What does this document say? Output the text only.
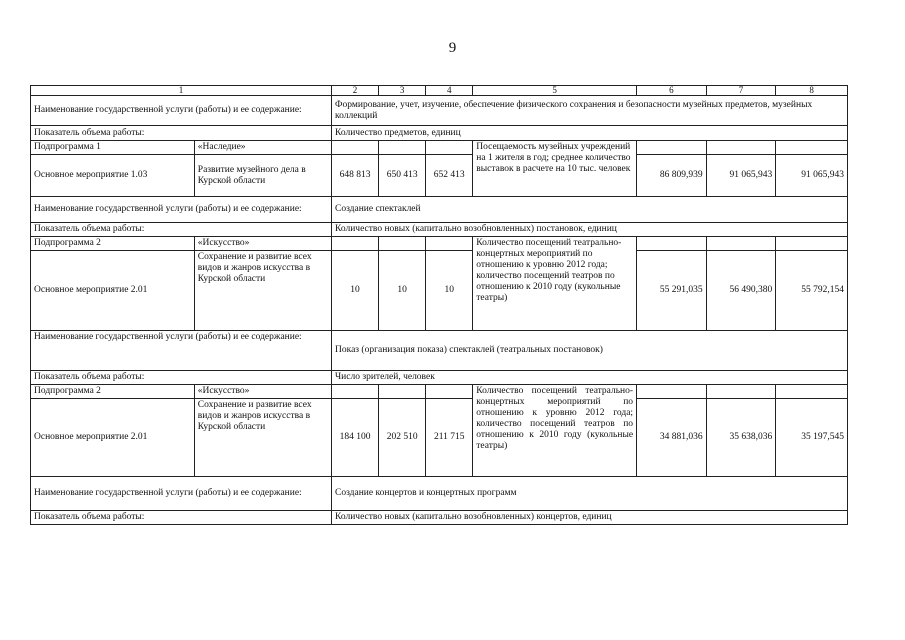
9
1		2	3	4	5	6	7	8
Наименование государственной услуги (работы) и ее содержание:		Формирование, учет, изучение, обеспечение физического сохранения и безопасности музейных предметов, музейных коллекций						
Показатель объема работы:		Количество предметов, единиц						
Подпрограмма 1	«Наследие»				Посещаемость музейных учреждений на 1 жителя в год; среднее количество выставок в расчете на 10 тыс. человек			
Основное мероприятие 1.03	Развитие музейного дела в Курской области	648 813	650 413	652 413		86 809,939	91 065,943	91 065,943
Наименование государственной услуги (работы) и ее содержание:		Создание спектаклей						
Показатель объема работы:		Количество новых (капитально возобновленных) постановок, единиц						
Подпрограмма 2	«Искусство»				Количество посещений театрально-концертных мероприятий по отношению к уровню 2012 года; количество посещений театров по отношению к 2010 году (кукольные театры)			
Основное мероприятие 2.01	Сохранение и развитие всех видов и жанров искусства в Курской области	10	10	10		55 291,035	56 490,380	55 792,154
Наименование государственной услуги (работы) и ее содержание:		Показ (организация показа) спектаклей (театральных постановок)						
Показатель объема работы:		Число зрителей, человек						
Подпрограмма 2	«Искусство»				Количество посещений театрально-концертных мероприятий по отношению к уровню 2012 года; количество посещений театров по отношению к 2010 году (кукольные театры)			
Основное мероприятие 2.01	Сохранение и развитие всех видов и жанров искусства в Курской области	184 100	202 510	211 715		34 881,036	35 638,036	35 197,545
Наименование государственной услуги (работы) и ее содержание:		Создание концертов и концертных программ						
Показатель объема работы:		Количество новых (капитально возобновленных) концертов, единиц						
